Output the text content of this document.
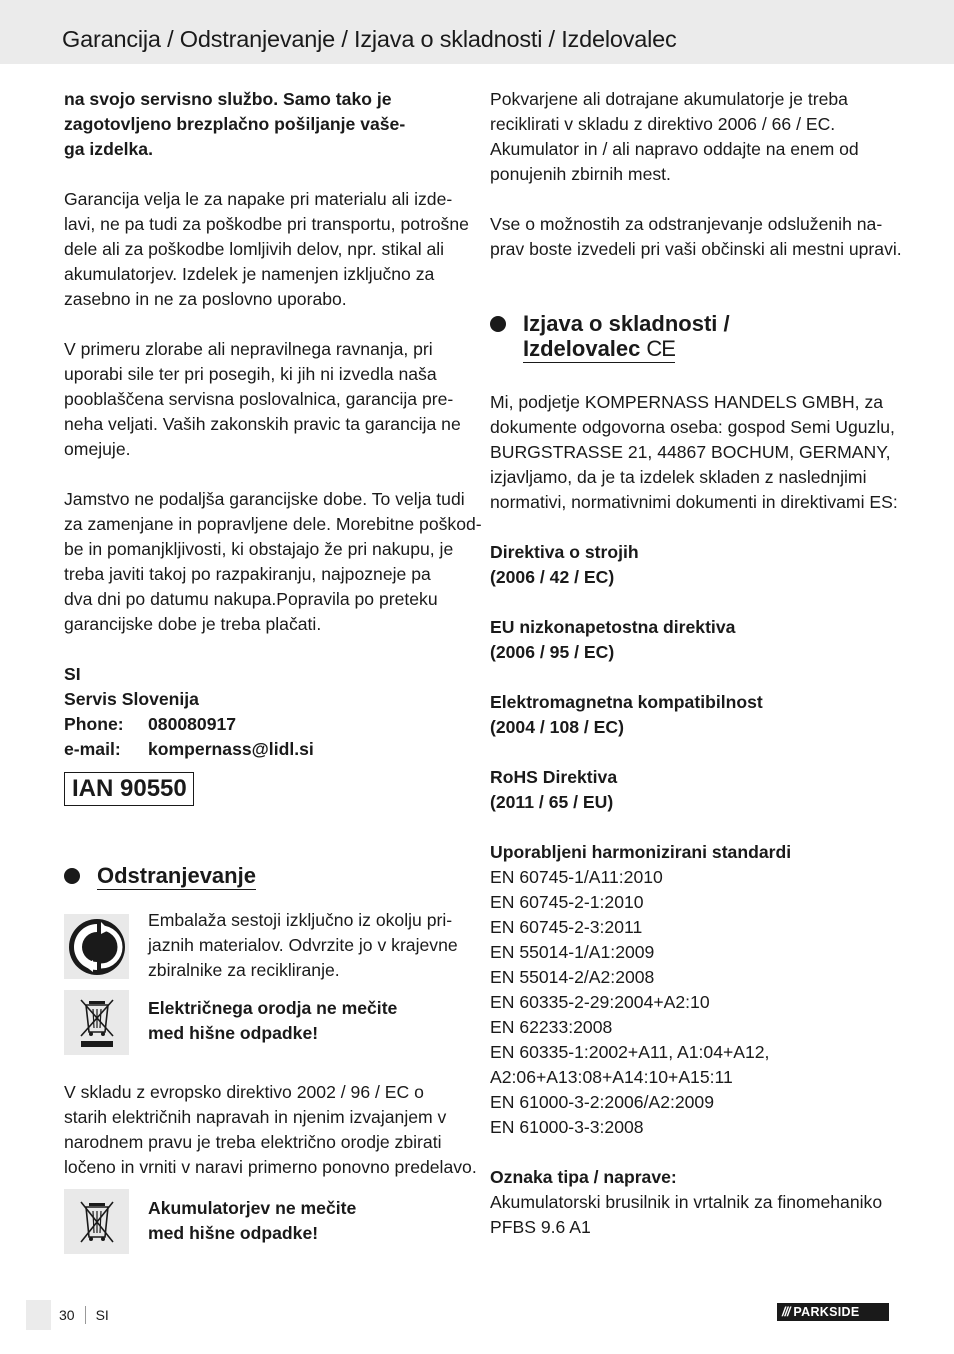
Garancija / Odstranjevanje / Izjava o skladnosti / Izdelovalec

na svojo servisno službo. Samo tako je
zagotovljeno brezplačno pošiljanje vaše-
ga izdelka.

Garancija velja le za napake pri materialu ali izde-
lavi, ne pa tudi za poškodbe pri transportu, potrošne
dele ali za poškodbe lomljivih delov, npr. stikal ali
akumulatorjev. Izdelek je namenjen izključno za
zasebno in ne za poslovno uporabo.

V primeru zlorabe ali nepravilnega ravnanja, pri
uporabi sile ter pri posegih, ki jih ni izvedla naša
pooblaščena servisna poslovalnica, garancija pre-
neha veljati. Vaših zakonskih pravic ta garancija ne
omejuje.

Jamstvo ne podaljša garancijske dobe. To velja tudi
za zamenjane in popravljene dele. Morebitne poškod-
be in pomanjkljivosti, ki obstajajo že pri nakupu, je
treba javiti takoj po razpakiranju, najpozneje pa
dva dni po datumu nakupa.Popravila po preteku
garancijske dobe je treba plačati.

SI
Servis Slovenija
Phone:	080080917
e-mail:	kompernass@lidl.si
IAN 90550
Odstranjevanje

Embalaža sestoji izključno iz okolju pri-
jaznih materialov. Odvrzite jo v krajevne
zbiralnike za recikliranje.

Električnega orodja ne mečite
med hišne odpadke!

V skladu z evropsko direktivo 2002 / 96 / EC o
starih električnih napravah in njenim izvajanjem v
narodnem pravu je treba električno orodje zbirati
ločeno in vrniti v naravi primerno ponovno predelavo.

Akumulatorjev ne mečite
med hišne odpadke!

Pokvarjene ali dotrajane akumulatorje je treba
reciklirati v skladu z direktivo 2006 / 66 / EC.
Akumulator in / ali napravo oddajte na enem od
ponujenih zbirnih mest.

Vse o možnostih za odstranjevanje odsluženih na-
prav boste izvedeli pri vaši občinski ali mestni upravi.

Izjava o skladnosti /
Izdelovalec CE

Mi, podjetje KOMPERNASS HANDELS GMBH, za
dokumente odgovorna oseba: gospod Semi Uguzlu,
BURGSTRASSE 21, 44867 BOCHUM, GERMANY,
izjavljamo, da je ta izdelek skladen z naslednjimi
normativi, normativnimi dokumenti in direktivami ES:

Direktiva o strojih
(2006 / 42 / EC)

EU nizkonapetostna direktiva
(2006 / 95 / EC)

Elektromagnetna kompatibilnost
(2004 / 108 / EC)

RoHS Direktiva
(2011 / 65 / EU)

Uporabljeni harmonizirani standardi

EN 60745-1/A11:2010
EN 60745-2-1:2010
EN 60745-2-3:2011
EN 55014-1/A1:2009
EN 55014-2/A2:2008
EN 60335-2-29:2004+A2:10
EN 62233:2008
EN 60335-1:2002+A11, A1:04+A12,
A2:06+A13:08+A14:10+A15:11
EN 61000-3-2:2006/A2:2009
EN 61000-3-3:2008

Oznaka tipa / naprave:

Akumulatorski brusilnik in vrtalnik za finomehaniko

PFBS 9.6 A1

30 SI	/// PARKSIDE
